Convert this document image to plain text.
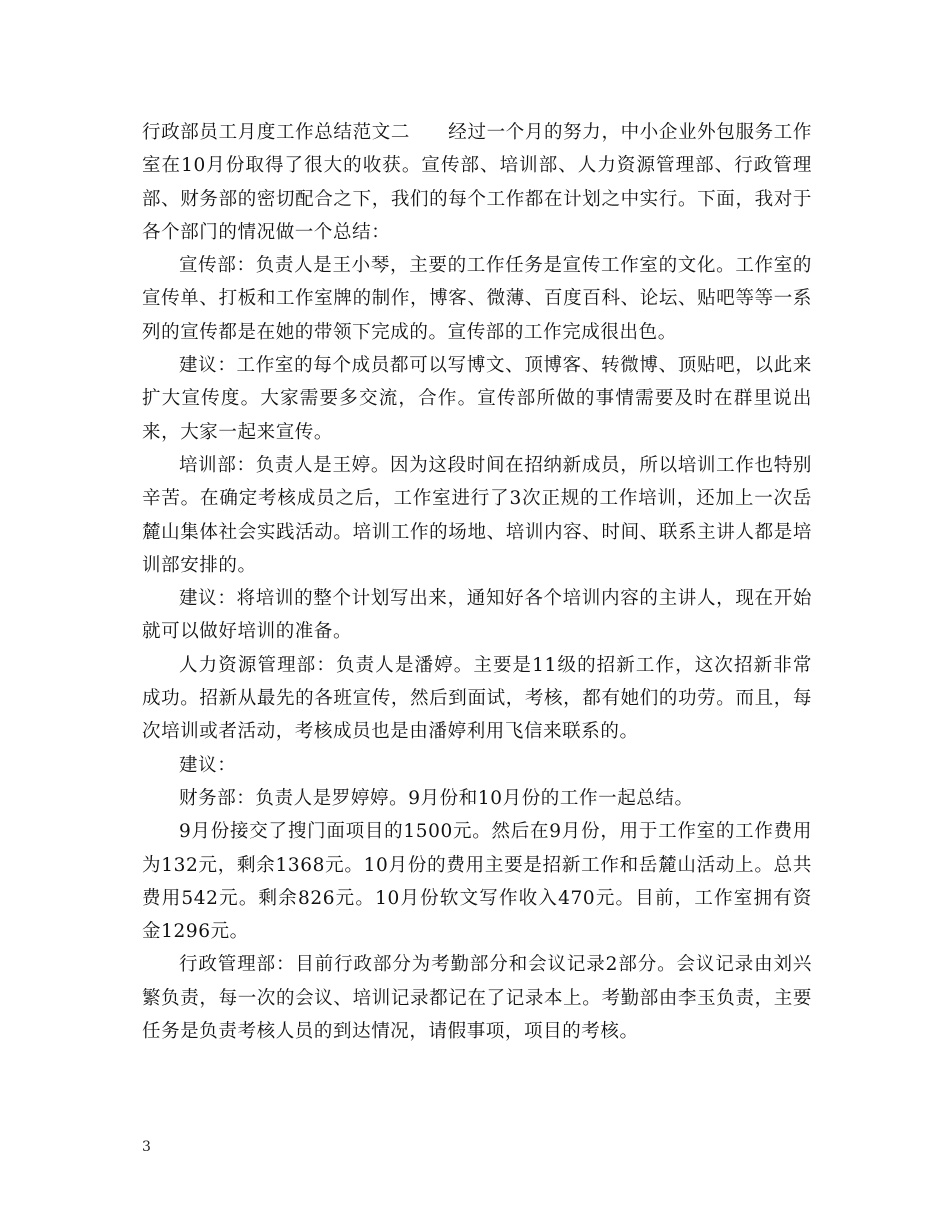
行政部员工月度工作总结范文二　　经过一个月的努力，中小企业外包服务工作室在10月份取得了很大的收获。宣传部、培训部、人力资源管理部、行政管理部、财务部的密切配合之下，我们的每个工作都在计划之中实行。下面，我对于各个部门的情况做一个总结：

宣传部：负责人是王小琴，主要的工作任务是宣传工作室的文化。工作室的宣传单、打板和工作室牌的制作，博客、微薄、百度百科、论坛、贴吧等等一系列的宣传都是在她的带领下完成的。宣传部的工作完成很出色。

建议：工作室的每个成员都可以写博文、顶博客、转微博、顶贴吧，以此来扩大宣传度。大家需要多交流，合作。宣传部所做的事情需要及时在群里说出来，大家一起来宣传。

培训部：负责人是王婷。因为这段时间在招纳新成员，所以培训工作也特别辛苦。在确定考核成员之后，工作室进行了3次正规的工作培训，还加上一次岳麓山集体社会实践活动。培训工作的场地、培训内容、时间、联系主讲人都是培训部安排的。

建议：将培训的整个计划写出来，通知好各个培训内容的主讲人，现在开始就可以做好培训的准备。

人力资源管理部：负责人是潘婷。主要是11级的招新工作，这次招新非常成功。招新从最先的各班宣传，然后到面试，考核，都有她们的功劳。而且，每次培训或者活动，考核成员也是由潘婷利用飞信来联系的。

建议：

财务部：负责人是罗婷婷。9月份和10月份的工作一起总结。

9月份接交了搜门面项目的1500元。然后在9月份，用于工作室的工作费用为132元，剩余1368元。10月份的费用主要是招新工作和岳麓山活动上。总共费用542元。剩余826元。10月份软文写作收入470元。目前，工作室拥有资金1296元。

行政管理部：目前行政部分为考勤部分和会议记录2部分。会议记录由刘兴繁负责，每一次的会议、培训记录都记在了记录本上。考勤部由李玉负责，主要任务是负责考核人员的到达情况，请假事项，项目的考核。

3
